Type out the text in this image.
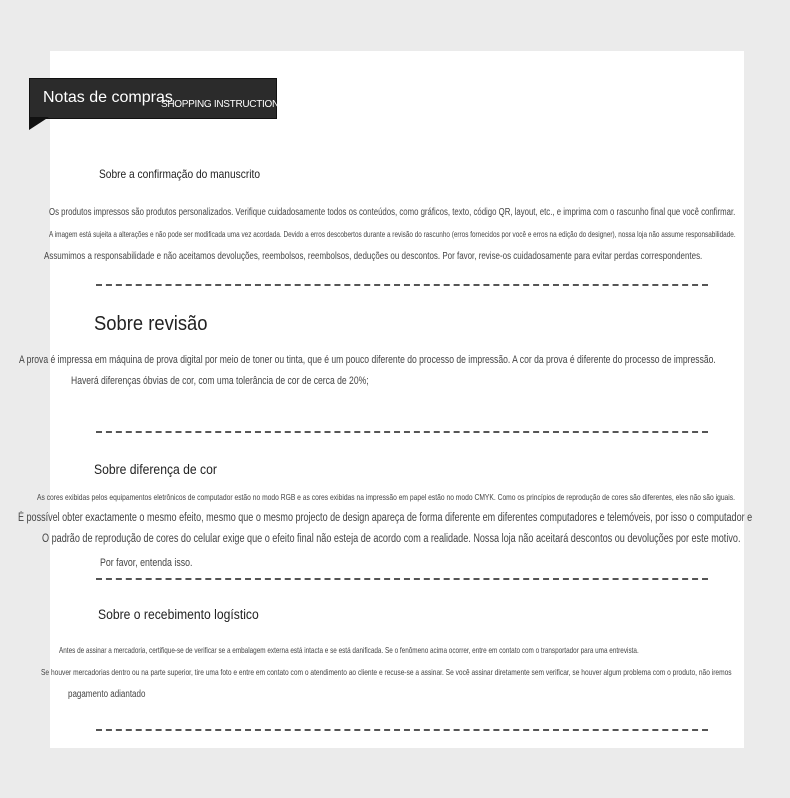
Notas de compras
SHOPPING INSTRUCTIONS
Sobre a confirmação do manuscrito
Os produtos impressos são produtos personalizados. Verifique cuidadosamente todos os conteúdos, como gráficos, texto, código QR, layout, etc., e imprima com o rascunho final que você confirmar.
A imagem está sujeita a alterações e não pode ser modificada uma vez acordada. Devido a erros descobertos durante a revisão do rascunho (erros fornecidos por você e erros na edição do designer), nossa loja não assume responsabilidade.
Assumimos a responsabilidade e não aceitamos devoluções, reembolsos, reembolsos, deduções ou descontos. Por favor, revise-os cuidadosamente para evitar perdas correspondentes.
Sobre revisão
A prova é impressa em máquina de prova digital por meio de toner ou tinta, que é um pouco diferente do processo de impressão. A cor da prova é diferente do processo de impressão.
Haverá diferenças óbvias de cor, com uma tolerância de cor de cerca de 20%;
Sobre diferença de cor
As cores exibidas pelos equipamentos eletrônicos de computador estão no modo RGB e as cores exibidas na impressão em papel estão no modo CMYK. Como os princípios de reprodução de cores são diferentes, eles não são iguais.
É possível obter exactamente o mesmo efeito, mesmo que o mesmo projecto de design apareça de forma diferente em diferentes computadores e telemóveis, por isso o computador e
O padrão de reprodução de cores do celular exige que o efeito final não esteja de acordo com a realidade. Nossa loja não aceitará descontos ou devoluções por este motivo.
Por favor, entenda isso.
Sobre o recebimento logístico
Antes de assinar a mercadoria, certifique-se de verificar se a embalagem externa está intacta e se está danificada. Se o fenômeno acima ocorrer, entre em contato com o transportador para uma entrevista.
Se houver mercadorias dentro ou na parte superior, tire uma foto e entre em contato com o atendimento ao cliente e recuse-se a assinar. Se você assinar diretamente sem verificar, se houver algum problema com o produto, não iremos
pagamento adiantado
